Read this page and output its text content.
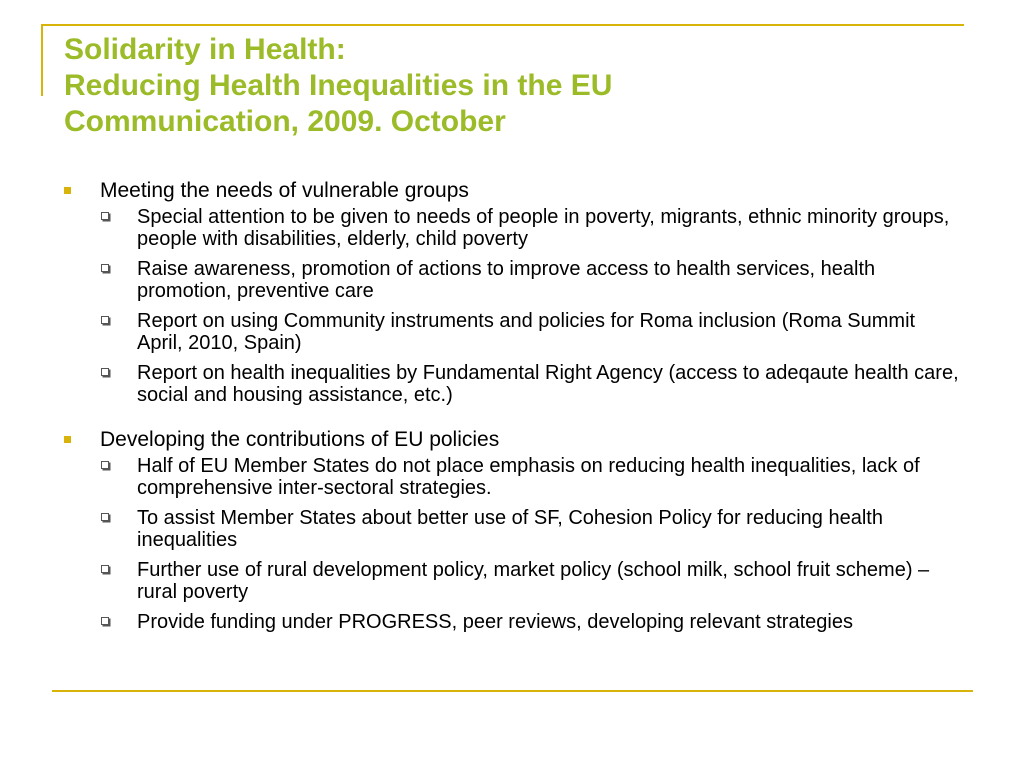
Solidarity in Health:
Reducing Health Inequalities in the EU
Communication, 2009. October
Meeting the needs of vulnerable groups
Special attention to be given to needs of people in poverty, migrants, ethnic minority groups, people with disabilities, elderly, child poverty
Raise awareness, promotion of actions to improve access to health services, health promotion, preventive care
Report on using Community instruments and policies for Roma inclusion (Roma Summit April, 2010, Spain)
Report on health inequalities by Fundamental Right Agency (access to adeqaute health care, social and housing assistance, etc.)
Developing the contributions of EU policies
Half of EU Member States do not place emphasis on reducing health inequalities, lack of comprehensive inter-sectoral strategies.
To assist Member States about better use of SF, Cohesion Policy for reducing health inequalities
Further use of rural development policy, market policy (school milk, school fruit scheme) – rural poverty
Provide funding under PROGRESS, peer reviews, developing relevant strategies
